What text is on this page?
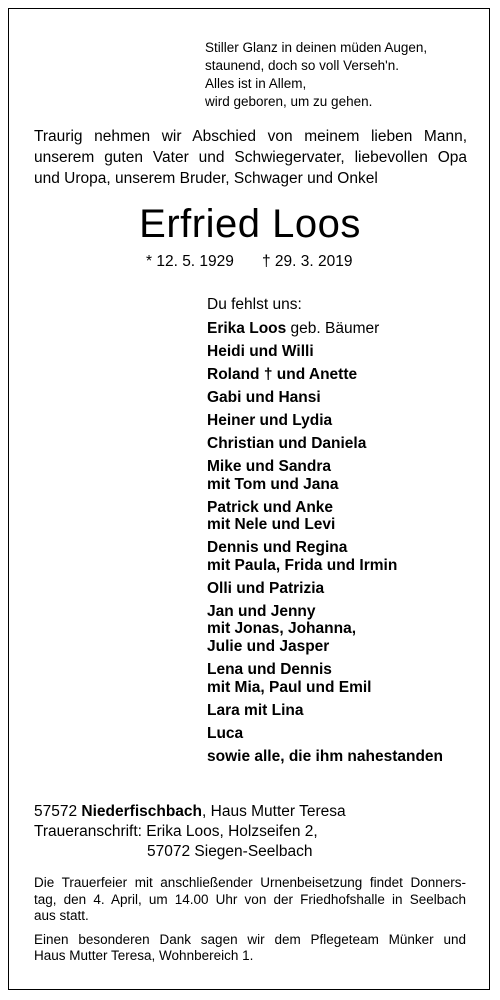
Stiller Glanz in deinen müden Augen,
staunend, doch so voll Verseh'n.
Alles ist in Allem,
wird geboren, um zu gehen.
Traurig nehmen wir Abschied von meinem lieben Mann,
unserem guten Vater und Schwiegervater, liebevollen Opa
und Uropa, unserem Bruder, Schwager und Onkel
Erfried Loos
* 12. 5. 1929 † 29. 3. 2019
Du fehlst uns:
Erika Loos geb. Bäumer
Heidi und Willi
Roland † und Anette
Gabi und Hansi
Heiner und Lydia
Christian und Daniela
Mike und Sandra
mit Tom und Jana
Patrick und Anke
mit Nele und Levi
Dennis und Regina
mit Paula, Frida und Irmin
Olli und Patrizia
Jan und Jenny
mit Jonas, Johanna,
Julie und Jasper
Lena und Dennis
mit Mia, Paul und Emil
Lara mit Lina
Luca
sowie alle, die ihm nahestanden
57572 Niederfischbach, Haus Mutter Teresa
Traueranschrift: Erika Loos, Holzseifen 2,
57072 Siegen-Seelbach
Die Trauerfeier mit anschließender Urnenbeisetzung findet Donners-
tag, den 4. April, um 14.00 Uhr von der Friedhofshalle in Seelbach
aus statt.
Einen besonderen Dank sagen wir dem Pflegeteam Münker und
Haus Mutter Teresa, Wohnbereich 1.
